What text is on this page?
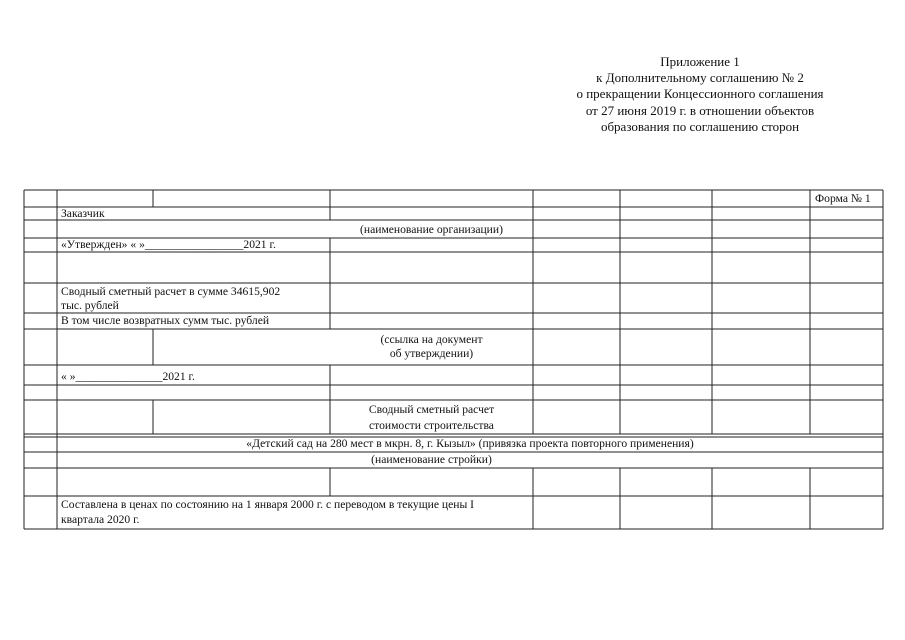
Приложение 1
к Дополнительному соглашению № 2
о прекращении Концессионного соглашения
от 27 июня 2019 г. в отношении объектов
образования по соглашению сторон
Форма № 1
Заказчик
(наименование организации)
«Утвержден» « »_________________2021 г.
Сводный сметный расчет в сумме 34615,902
тыс. рублей
В том числе возвратных сумм тыс. рублей
(ссылка на документ
об утверждении)
« »_______________2021 г.
Сводный сметный расчет
стоимости строительства
«Детский сад на 280 мест в мкрн. 8, г. Кызыл» (привязка проекта повторного применения)
(наименование стройки)
Составлена в ценах по состоянию на 1 января 2000 г. с переводом в текущие цены I
квартала 2020 г.
